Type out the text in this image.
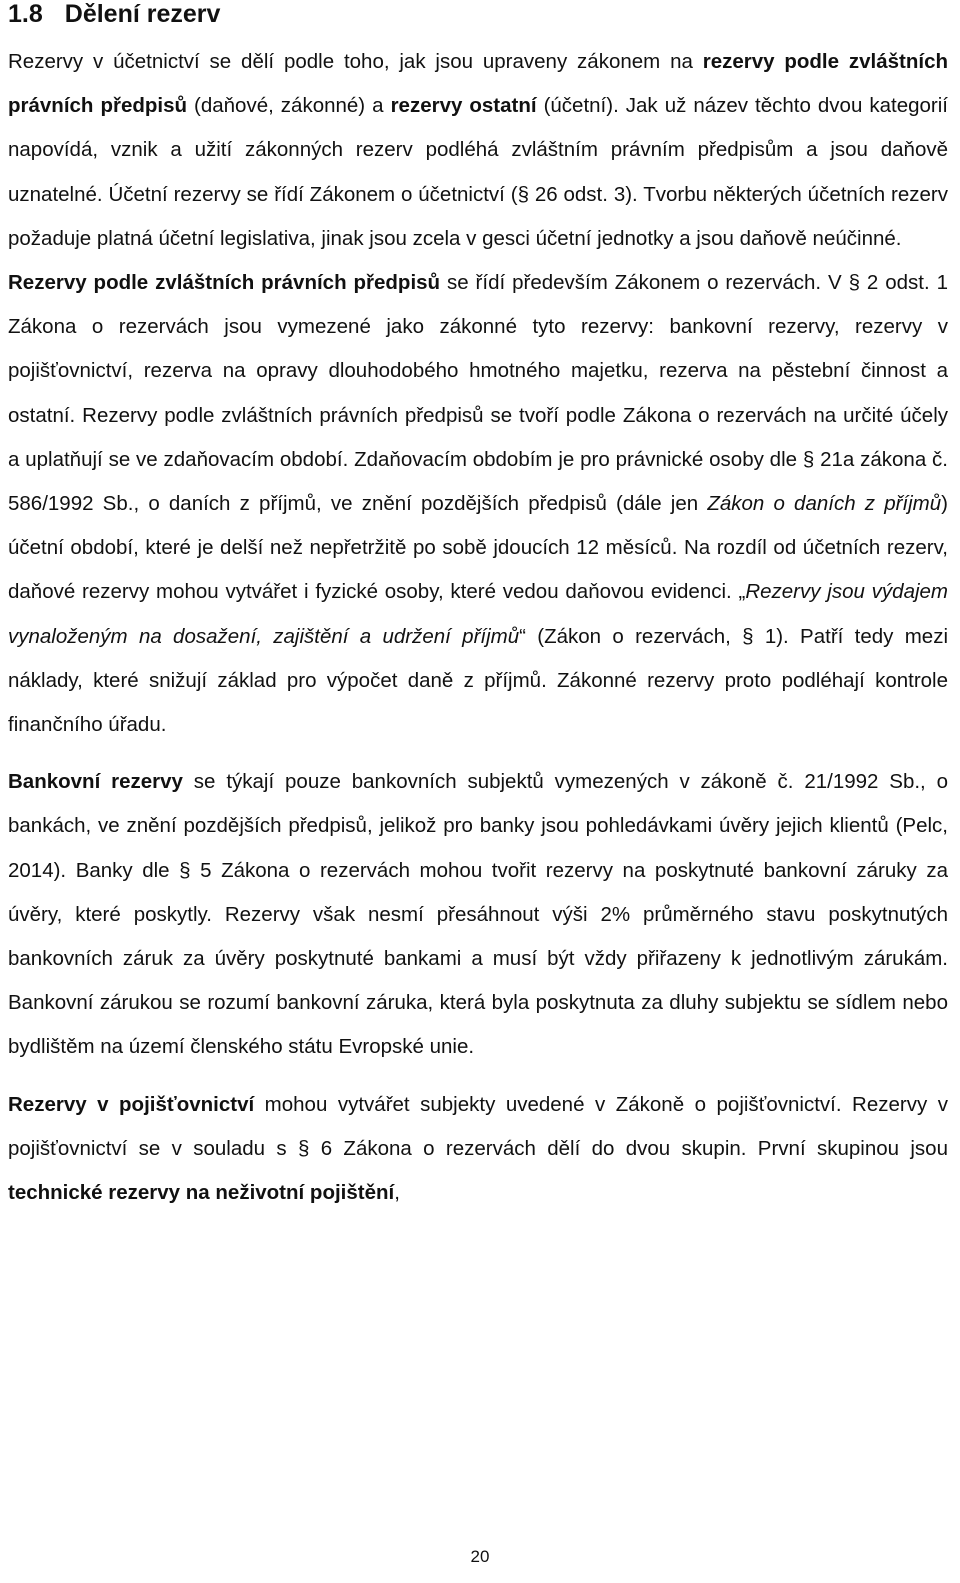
1.8 Dělení rezerv

Rezervy v účetnictví se dělí podle toho, jak jsou upraveny zákonem na rezervy podle zvláštních právních předpisů (daňové, zákonné) a rezervy ostatní (účetní). Jak už název těchto dvou kategorií napovídá, vznik a užití zákonných rezerv podléhá zvláštním právním předpisům a jsou daňově uznatelné. Účetní rezervy se řídí Zákonem o účetnictví (§ 26 odst. 3). Tvorbu některých účetních rezerv požaduje platná účetní legislativa, jinak jsou zcela v gesci účetní jednotky a jsou daňově neúčinné.

Rezervy podle zvláštních právních předpisů se řídí především Zákonem o rezervách. V § 2 odst. 1 Zákona o rezervách jsou vymezené jako zákonné tyto rezervy: bankovní rezervy, rezervy v pojišťovnictví, rezerva na opravy dlouhodobého hmotného majetku, rezerva na pěstební činnost a ostatní. Rezervy podle zvláštních právních předpisů se tvoří podle Zákona o rezervách na určité účely a uplatňují se ve zdaňovacím období. Zdaňovacím obdobím je pro právnické osoby dle § 21a zákona č. 586/1992 Sb., o daních z příjmů, ve znění pozdějších předpisů (dále jen Zákon o daních z příjmů) účetní období, které je delší než nepřetržitě po sobě jdoucích 12 měsíců. Na rozdíl od účetních rezerv, daňové rezervy mohou vytvářet i fyzické osoby, které vedou daňovou evidenci. „Rezervy jsou výdajem vynaloženým na dosažení, zajištění a udržení příjmů“ (Zákon o rezervách, § 1). Patří tedy mezi náklady, které snižují základ pro výpočet daně z příjmů. Zákonné rezervy proto podléhají kontrole finančního úřadu.

Bankovní rezervy se týkají pouze bankovních subjektů vymezených v zákoně č. 21/1992 Sb., o bankách, ve znění pozdějších předpisů, jelikož pro banky jsou pohledávkami úvěry jejich klientů (Pelc, 2014). Banky dle § 5 Zákona o rezervách mohou tvořit rezervy na poskytnuté bankovní záruky za úvěry, které poskytly. Rezervy však nesmí přesáhnout výši 2% průměrného stavu poskytnutých bankovních záruk za úvěry poskytnuté bankami a musí být vždy přiřazeny k jednotlivým zárukám. Bankovní zárukou se rozumí bankovní záruka, která byla poskytnuta za dluhy subjektu se sídlem nebo bydlištěm na území členského státu Evropské unie.

Rezervy v pojišťovnictví mohou vytvářet subjekty uvedené v Zákoně o pojišťovnictví. Rezervy v pojišťovnictví se v souladu s § 6 Zákona o rezervách dělí do dvou skupin. První skupinou jsou technické rezervy na neživotní pojištění,

20
